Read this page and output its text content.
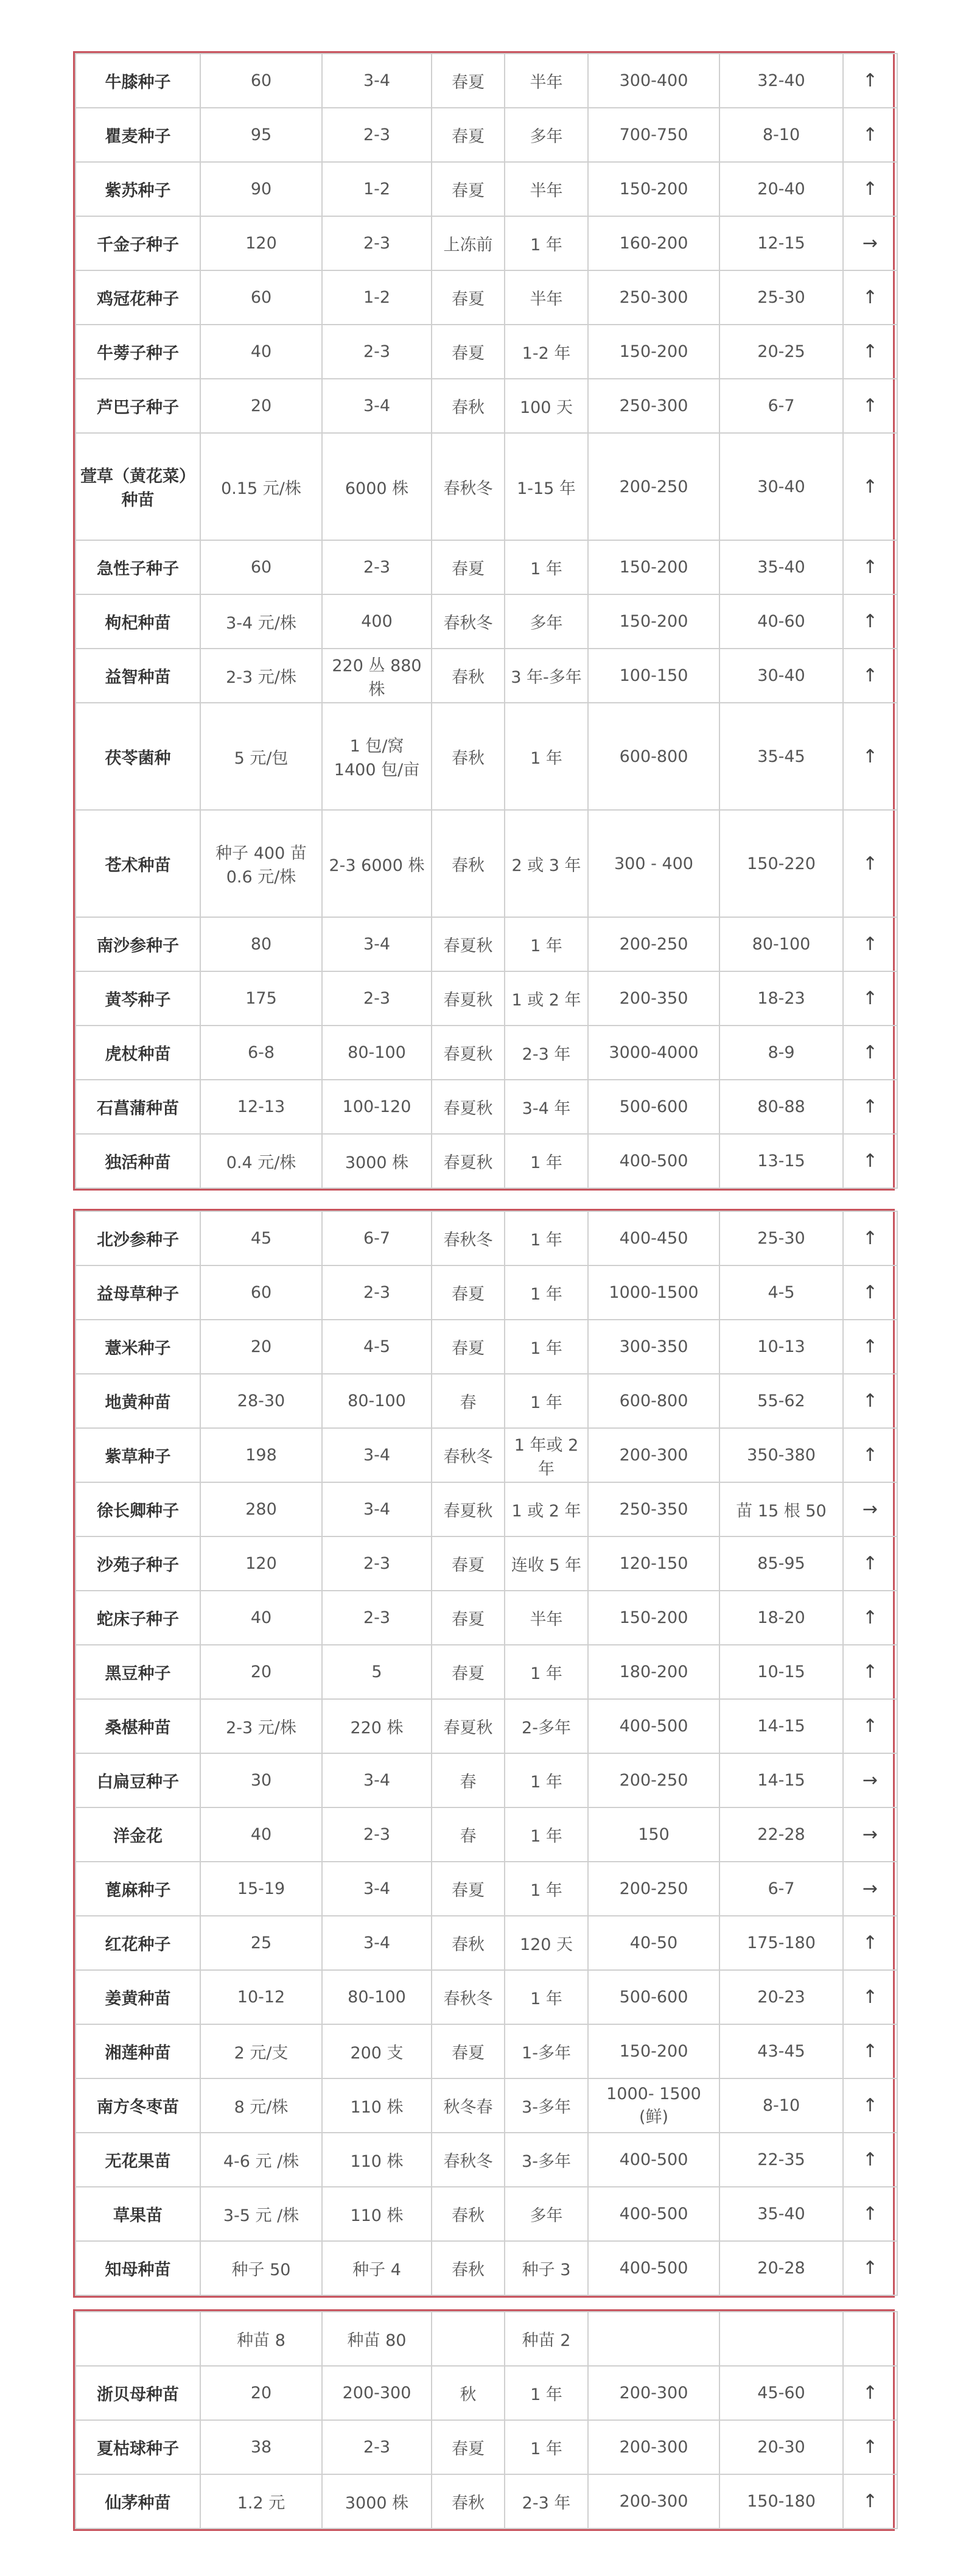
牛膝种子	60	3-4	春夏	半年	300-400	32-40	↑
瞿麦种子	95	2-3	春夏	多年	700-750	8-10	↑
紫苏种子	90	1-2	春夏	半年	150-200	20-40	↑
千金子种子	120	2-3	上冻前	1 年	160-200	12-15	→
鸡冠花种子	60	1-2	春夏	半年	250-300	25-30	↑
牛蒡子种子	40	2-3	春夏	1-2 年	150-200	20-25	↑
芦巴子种子	20	3-4	春秋	100 天	250-300	6-7	↑
萱草（黄花菜）种苗	0.15 元/株	6000 株	春秋冬	1-15 年	200-250	30-40	↑
急性子种子	60	2-3	春夏	1 年	150-200	35-40	↑
枸杞种苗	3-4 元/株	400	春秋冬	多年	150-200	40-60	↑
益智种苗	2-3 元/株	220 丛 880 株	春秋	3 年-多年	100-150	30-40	↑
茯苓菌种	5 元/包	1 包/窝 1400 包/亩	春秋	1 年	600-800	35-45	↑
苍术种苗	种子 400 苗 0.6 元/株	2-3 6000 株	春秋	2 或 3 年	300 - 400	150-220	↑
南沙参种子	80	3-4	春夏秋	1 年	200-250	80-100	↑
黄芩种子	175	2-3	春夏秋	1 或 2 年	200-350	18-23	↑
虎杖种苗	6-8	80-100	春夏秋	2-3 年	3000-4000	8-9	↑
石菖蒲种苗	12-13	100-120	春夏秋	3-4 年	500-600	80-88	↑
独活种苗	0.4 元/株	3000 株	春夏秋	1 年	400-500	13-15	↑
北沙参种子	45	6-7	春秋冬	1 年	400-450	25-30	↑
益母草种子	60	2-3	春夏	1 年	1000-1500	4-5	↑
薏米种子	20	4-5	春夏	1 年	300-350	10-13	↑
地黄种苗	28-30	80-100	春	1 年	600-800	55-62	↑
紫草种子	198	3-4	春秋冬	1 年或 2 年	200-300	350-380	↑
徐长卿种子	280	3-4	春夏秋	1 或 2 年	250-350	苗 15 根 50	→
沙苑子种子	120	2-3	春夏	连收 5 年	120-150	85-95	↑
蛇床子种子	40	2-3	春夏	半年	150-200	18-20	↑
黑豆种子	20	5	春夏	1 年	180-200	10-15	↑
桑椹种苗	2-3 元/株	220 株	春夏秋	2-多年	400-500	14-15	↑
白扁豆种子	30	3-4	春	1 年	200-250	14-15	→
洋金花	40	2-3	春	1 年	150	22-28	→
蓖麻种子	15-19	3-4	春夏	1 年	200-250	6-7	→
红花种子	25	3-4	春秋	120 天	40-50	175-180	↑
姜黄种苗	10-12	80-100	春秋冬	1 年	500-600	20-23	↑
湘莲种苗	2 元/支	200 支	春夏	1-多年	150-200	43-45	↑
南方冬枣苗	8 元/株	110 株	秋冬春	3-多年	1000- 1500 (鲜)	8-10	↑
无花果苗	4-6 元 /株	110 株	春秋冬	3-多年	400-500	22-35	↑
草果苗	3-5 元 /株	110 株	春秋	多年	400-500	35-40	↑
知母种苗	种子 50	种子 4	春秋	种子 3	400-500	20-28	↑
	种苗 8	种苗 80		种苗 2			
浙贝母种苗	20	200-300	秋	1 年	200-300	45-60	↑
夏枯球种子	38	2-3	春夏	1 年	200-300	20-30	↑
仙茅种苗	1.2 元	3000 株	春秋	2-3 年	200-300	150-180	↑
